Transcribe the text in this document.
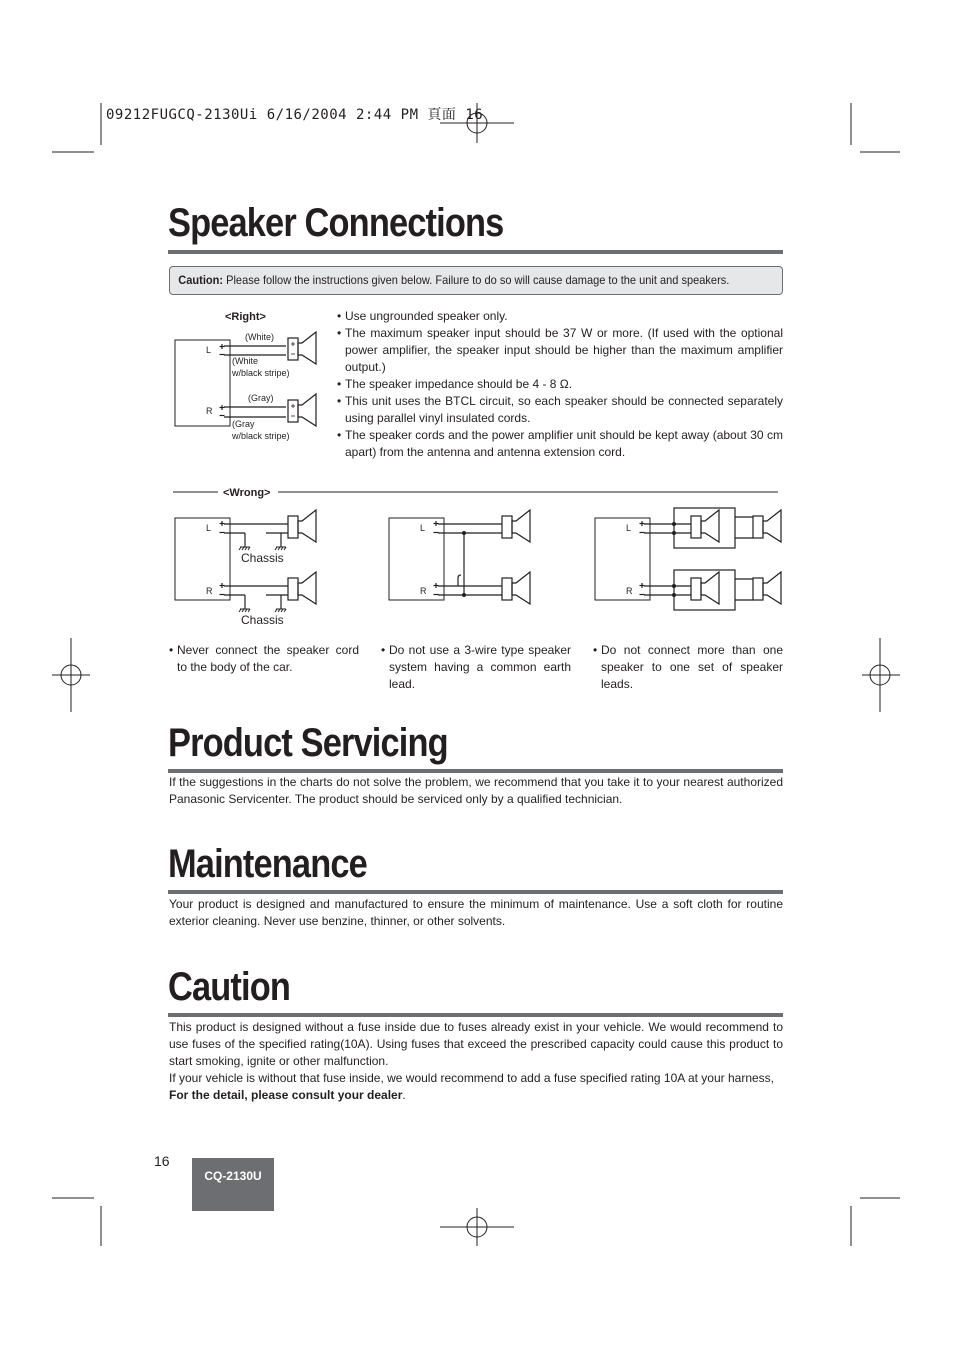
09212FUGCQ-2130Ui 6/16/2004 2:44 PM 頁面 16
Speaker Connections
Caution: Please follow the instructions given below. Failure to do so will cause damage to the unit and speakers.
<Right>
L
R
(White)
(White
w/black stripe)
(Gray)
(Gray
w/black stripe)
• Use ungrounded speaker only.
• The maximum speaker input should be 37 W or more. (If used with the optional power amplifier, the speaker input should be higher than the maximum amplifier output.)
• The speaker impedance should be 4 - 8 Ω.
• This unit uses the BTCL circuit, so each speaker should be connected separately using parallel vinyl insulated cords.
• The speaker cords and the power amplifier unit should be kept away (about 30 cm apart) from the antenna and antenna extension cord.
<Wrong>
L
R
Chassis
Chassis
L
R
L
R
• Never connect the speaker cord to the body of the car.
• Do not use a 3-wire type speaker system having a common earth lead.
• Do not connect more than one speaker to one set of speaker leads.
Product Servicing
If the suggestions in the charts do not solve the problem, we recommend that you take it to your nearest authorized Panasonic Servicenter. The product should be serviced only by a qualified technician.
Maintenance
Your product is designed and manufactured to ensure the minimum of maintenance. Use a soft cloth for routine exterior cleaning. Never use benzine, thinner, or other solvents.
Caution
This product is designed without a fuse inside due to fuses already exist in your vehicle. We would recommend to use fuses of the specified rating(10A). Using fuses that exceed the prescribed capacity could cause this product to start smoking, ignite or other malfunction.
If your vehicle is without that fuse inside, we would recommend to add a fuse specified rating 10A at your harness,
For the detail, please consult your dealer.
16
CQ-2130U
